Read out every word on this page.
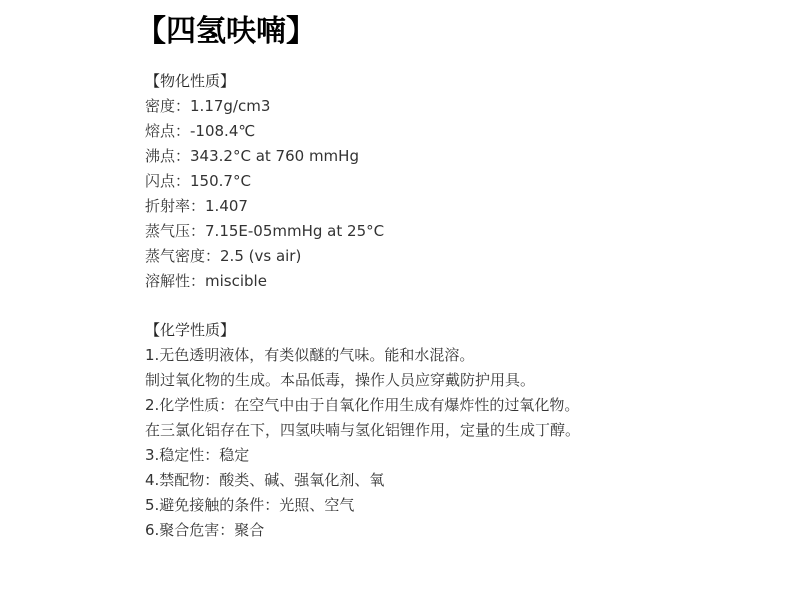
【四氢呋喃】
【物化性质】
密度：1.17g/cm3
熔点：-108.4℃
沸点：343.2°C at 760 mmHg
闪点：150.7°C
折射率：1.407
蒸气压：7.15E-05mmHg at 25°C
蒸气密度：2.5 (vs air)
溶解性：miscible
【化学性质】
1.无色透明液体，有类似醚的气味。能和水混溶。
制过氧化物的生成。本品低毒，操作人员应穿戴防护用具。
2.化学性质：在空气中由于自氧化作用生成有爆炸性的过氧化物。
在三氯化铝存在下，四氢呋喃与氢化铝锂作用，定量的生成丁醇。
3.稳定性：稳定
4.禁配物：酸类、碱、强氧化剂、氧
5.避免接触的条件：光照、空气
6.聚合危害：聚合
